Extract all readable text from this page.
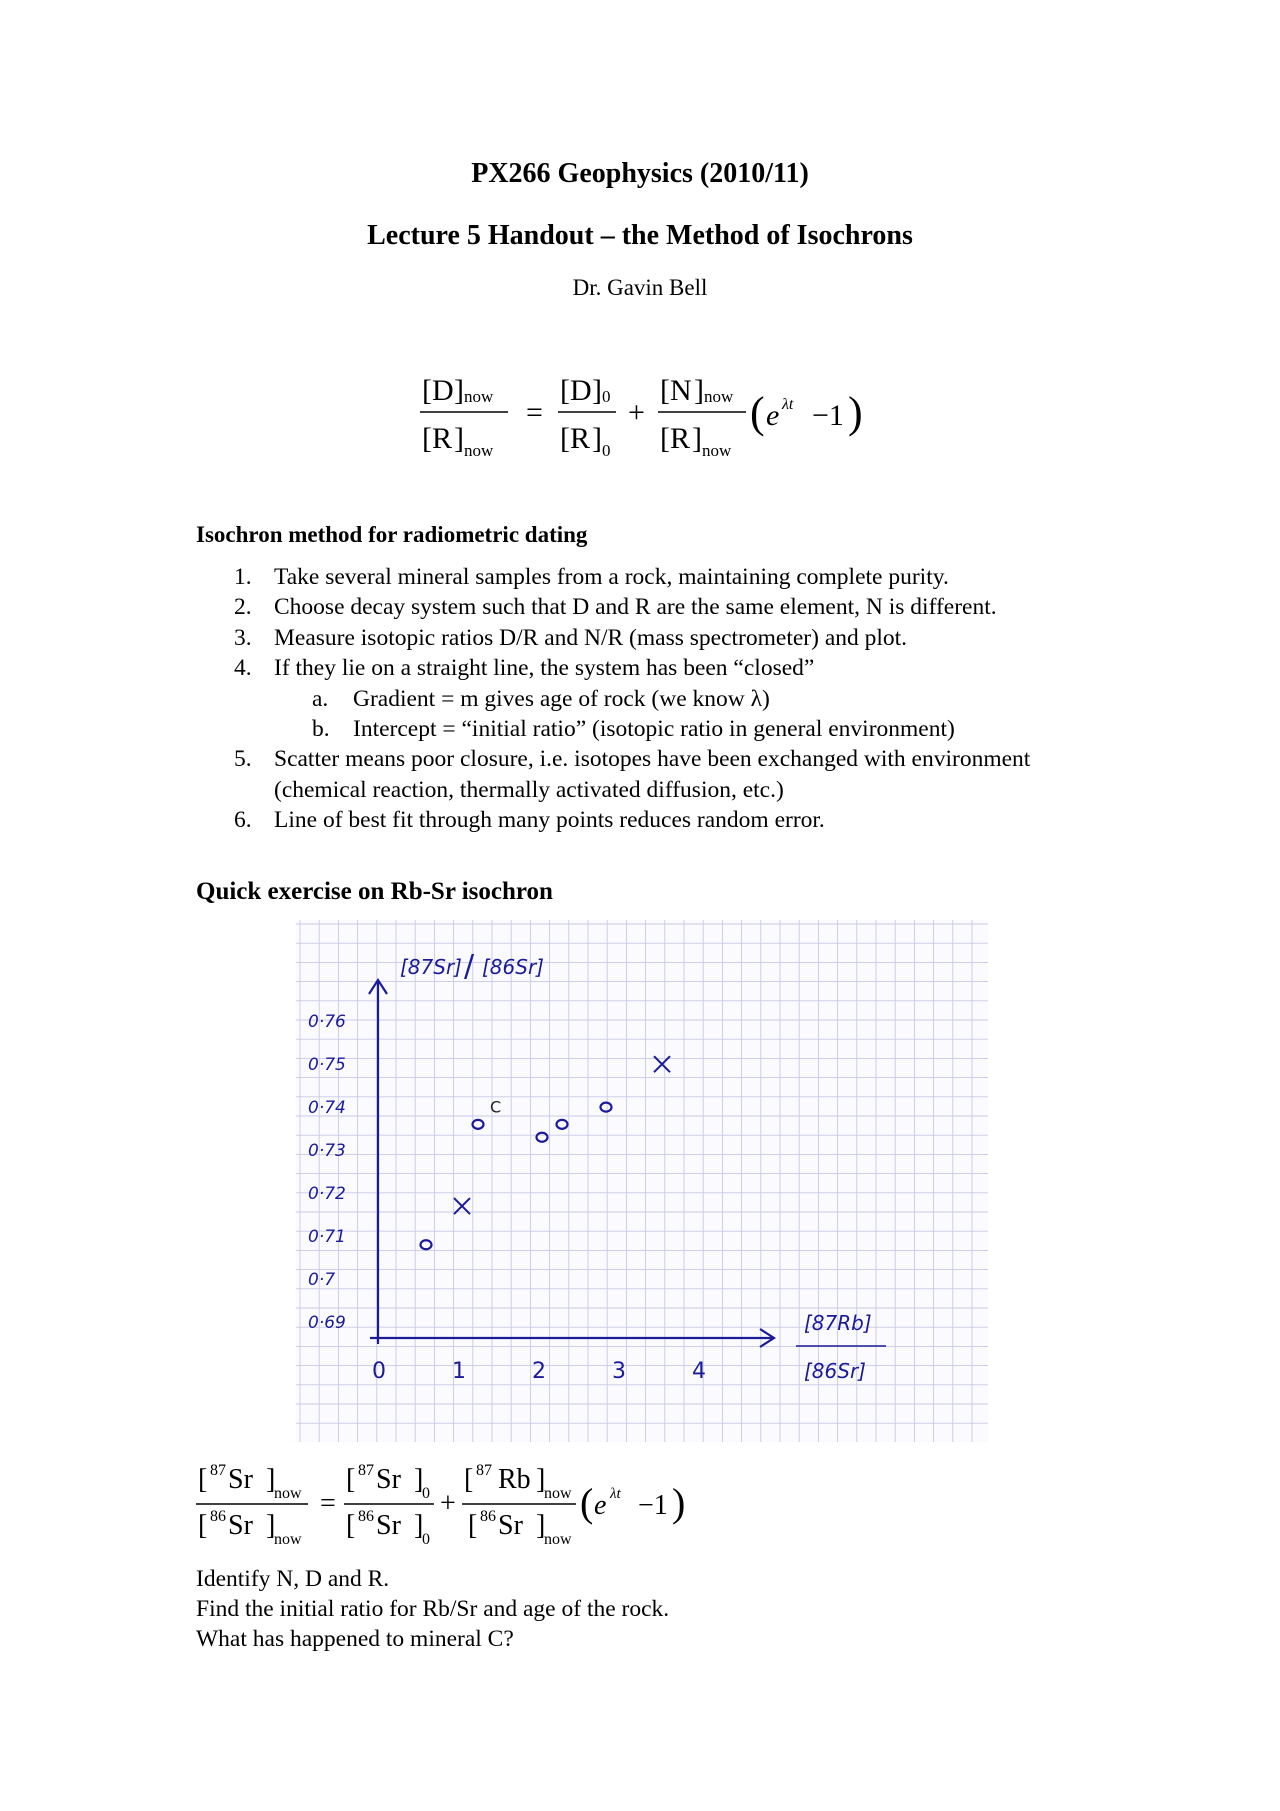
PX266 Geophysics (2010/11)
Lecture 5 Handout – the Method of Isochrons
Dr. Gavin Bell
[ D ] now
[ R ] now
=
[ D ] 0
[ R ] 0
+
[ N ] now
[ R ] now
( e λt −1 )
Isochron method for radiometric dating
1. Take several mineral samples from a rock, maintaining complete purity.
2. Choose decay system such that D and R are the same element, N is different.
3. Measure isotopic ratios D/R and N/R (mass spectrometer) and plot.
4. If they lie on a straight line, the system has been “closed”
a. Gradient = m gives age of rock (we know λ)
b. Intercept = “initial ratio” (isotopic ratio in general environment)
5. Scatter means poor closure, i.e. isotopes have been exchanged with environment (chemical reaction, thermally activated diffusion, etc.)
6. Line of best fit through many points reduces random error.
Quick exercise on Rb-Sr isochron
0	1	2	3	4
0·69
0·7
0·71
0·72
0·73
0·74
0·75
0·76
[87Sr] / [86Sr]
[87Rb]
[86Sr]
C
[ 87 Sr ]
now
[ 86 Sr ]
now
=
[ 87 Sr ]
0
[ 86 Sr ]
0
+
[ 87 Rb ]
now
[ 86 Sr ]
now
( e λt −1 )
Identify N, D and R.
Find the initial ratio for Rb/Sr and age of the rock.
What has happened to mineral C?
